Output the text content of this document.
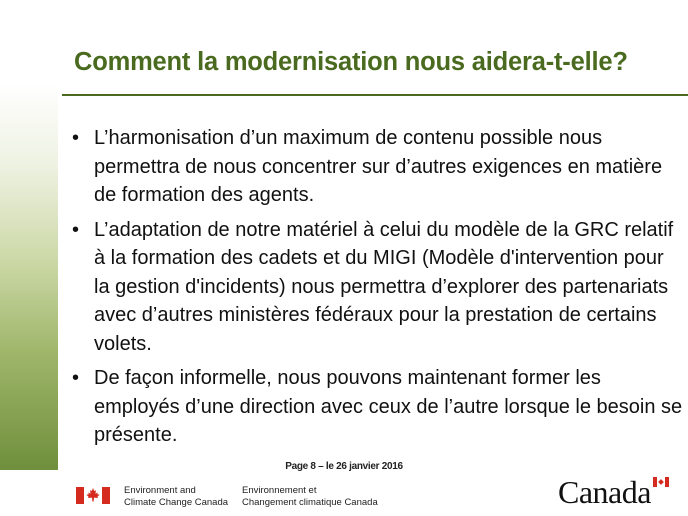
Comment la modernisation nous aidera-t-elle?
• L’harmonisation d’un maximum de contenu possible nous permettra de nous concentrer sur d’autres exigences en matière de formation des agents.
• L’adaptation de notre matériel à celui du modèle de la GRC relatif à la formation des cadets et du MIGI (Modèle d'intervention pour la gestion d'incidents) nous permettra d’explorer des partenariats avec d’autres ministères fédéraux pour la prestation de certains volets.
• De façon informelle, nous pouvons maintenant former les employés d’une direction avec ceux de l’autre lorsque le besoin se présente.
Page 8 – le 26 janvier 2016
Environment and
Climate Change Canada
Environnement et
Changement climatique Canada	Canada
